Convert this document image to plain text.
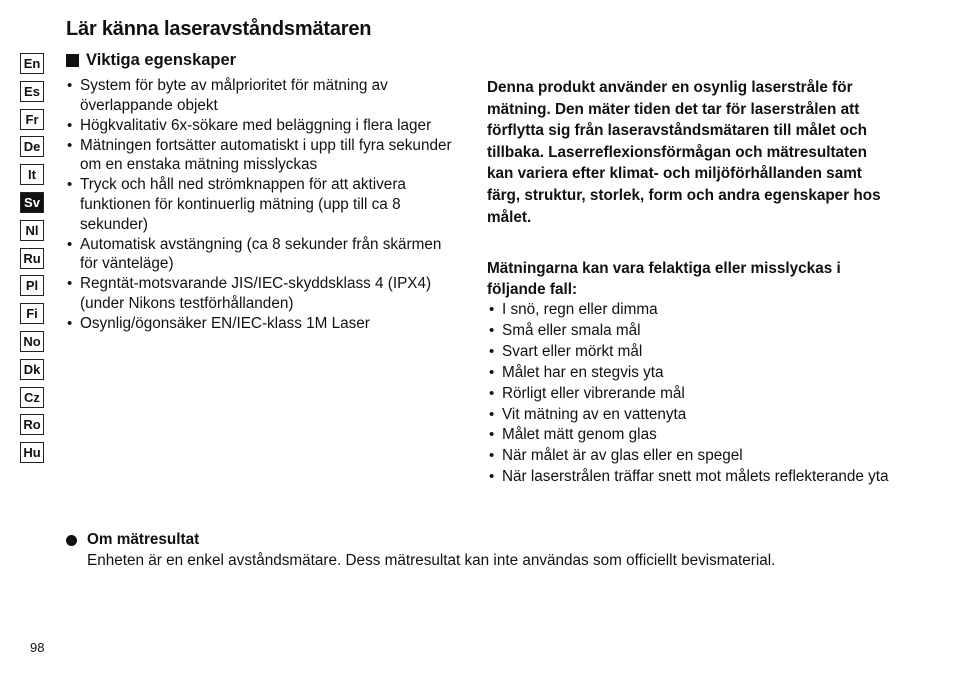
Lär känna laseravståndsmätaren
Viktiga egenskaper
En
Es
Fr
De
It
Sv
Nl
Ru
Pl
Fi
No
Dk
Cz
Ro
Hu
• System för byte av målprioritet för mätning av överlappande objekt
• Högkvalitativ 6x-sökare med beläggning i flera lager
• Mätningen fortsätter automatiskt i upp till fyra sekunder om en enstaka mätning misslyckas
• Tryck och håll ned strömknappen för att aktivera funktionen för kontinuerlig mätning (upp till ca 8 sekunder)
• Automatisk avstängning (ca 8 sekunder från skärmen för vänteläge)
• Regntät-motsvarande JIS/IEC-skyddsklass 4 (IPX4) (under Nikons testförhållanden)
• Osynlig/ögonsäker EN/IEC-klass 1M Laser
Denna produkt använder en osynlig laserstråle för mätning. Den mäter tiden det tar för laserstrålen att förflytta sig från laseravståndsmätaren till målet och tillbaka. Laserreflexionsförmågan och mätresultaten kan variera efter klimat- och miljöförhållanden samt färg, struktur, storlek, form och andra egenskaper hos målet.
Mätningarna kan vara felaktiga eller misslyckas i följande fall:
• I snö, regn eller dimma
• Små eller smala mål
• Svart eller mörkt mål
• Målet har en stegvis yta
• Rörligt eller vibrerande mål
• Vit mätning av en vattenyta
• Målet mätt genom glas
• När målet är av glas eller en spegel
• När laserstrålen träffar snett mot målets reflekterande yta
Om mätresultat
Enheten är en enkel avståndsmätare. Dess mätresultat kan inte användas som officiellt bevismaterial.
98
